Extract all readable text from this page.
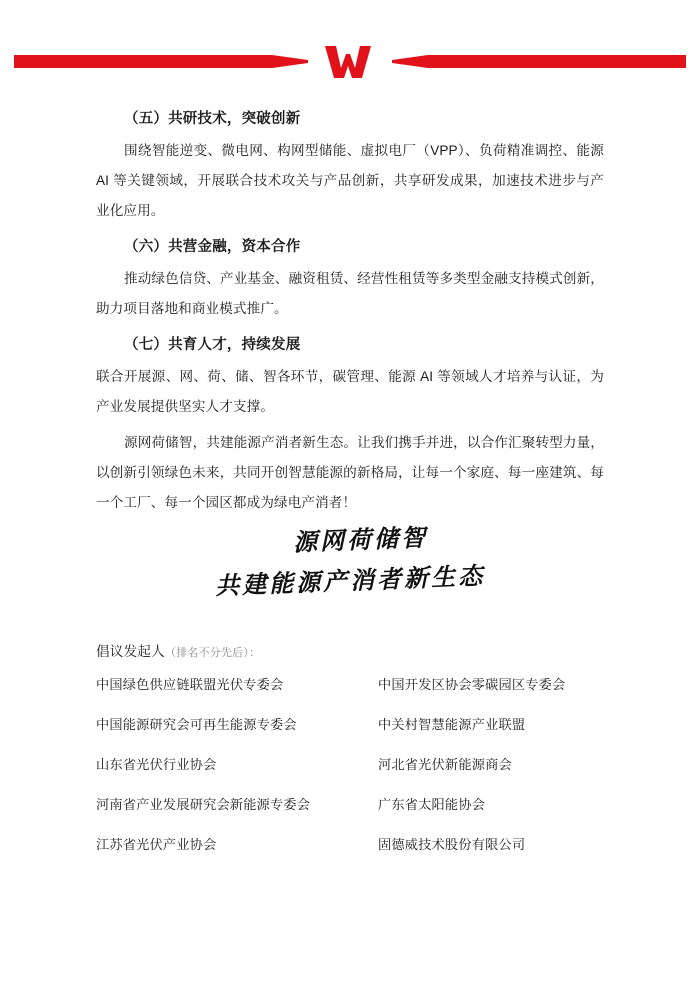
（五）共研技术，突破创新

围绕智能逆变、微电网、构网型储能、虚拟电厂（VPP）、负荷精准调控、能源 AI 等关键领域，开展联合技术攻关与产品创新，共享研发成果，加速技术进步与产业化应用。

（六）共营金融，资本合作

推动绿色信贷、产业基金、融资租赁、经营性租赁等多类型金融支持模式创新，助力项目落地和商业模式推广。

（七）共育人才，持续发展

联合开展源、网、荷、储、智各环节，碳管理、能源 AI 等领域人才培养与认证，为产业发展提供坚实人才支撑。

源网荷储智，共建能源产消者新生态。让我们携手并进，以合作汇聚转型力量，以创新引领绿色未来，共同开创智慧能源的新格局，让每一个家庭、每一座建筑、每一个工厂、每一个园区都成为绿电产消者！

源网荷储智
共建能源产消者新生态
倡议发起人（排名不分先后）：
中国绿色供应链联盟光伏专委会	中国开发区协会零碳园区专委会
中国能源研究会可再生能源专委会	中关村智慧能源产业联盟
山东省光伏行业协会	河北省光伏新能源商会
河南省产业发展研究会新能源专委会	广东省太阳能协会
江苏省光伏产业协会	固德威技术股份有限公司
